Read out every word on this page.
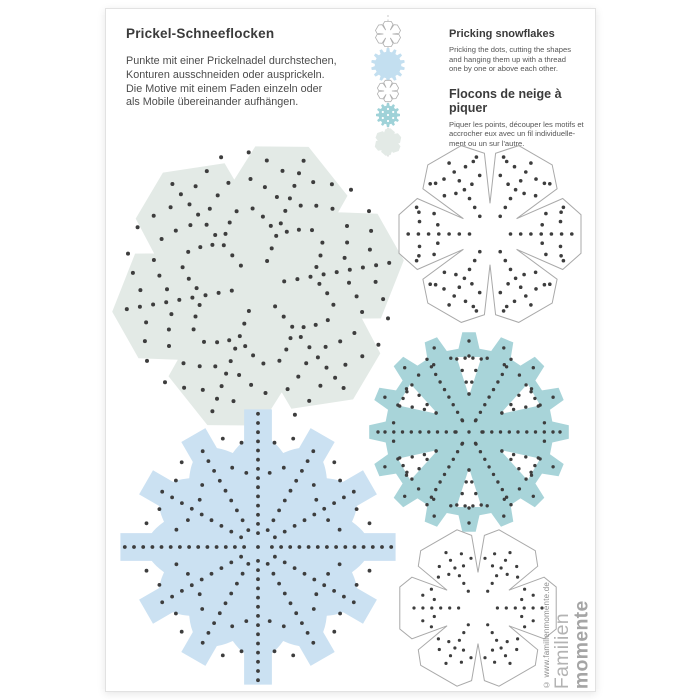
Prickel-Schneeflocken
Punkte mit einer Prickelnadel durchstechen,
Konturen ausschneiden oder ausprickeln.
Die Motive mit einem Faden einzeln oder
als Mobile übereinander aufhängen.
Pricking snowflakes
Pricking the dots, cutting the shapes
and hanging them up with a thread
one by one or above each other.
Flocons de neige à piquer
Piquer les points, découper les motifs et
accrocher eux avec un fil individuelle-
ment ou un sur l'autre.
© www.familienmomente.de Familien
momente
